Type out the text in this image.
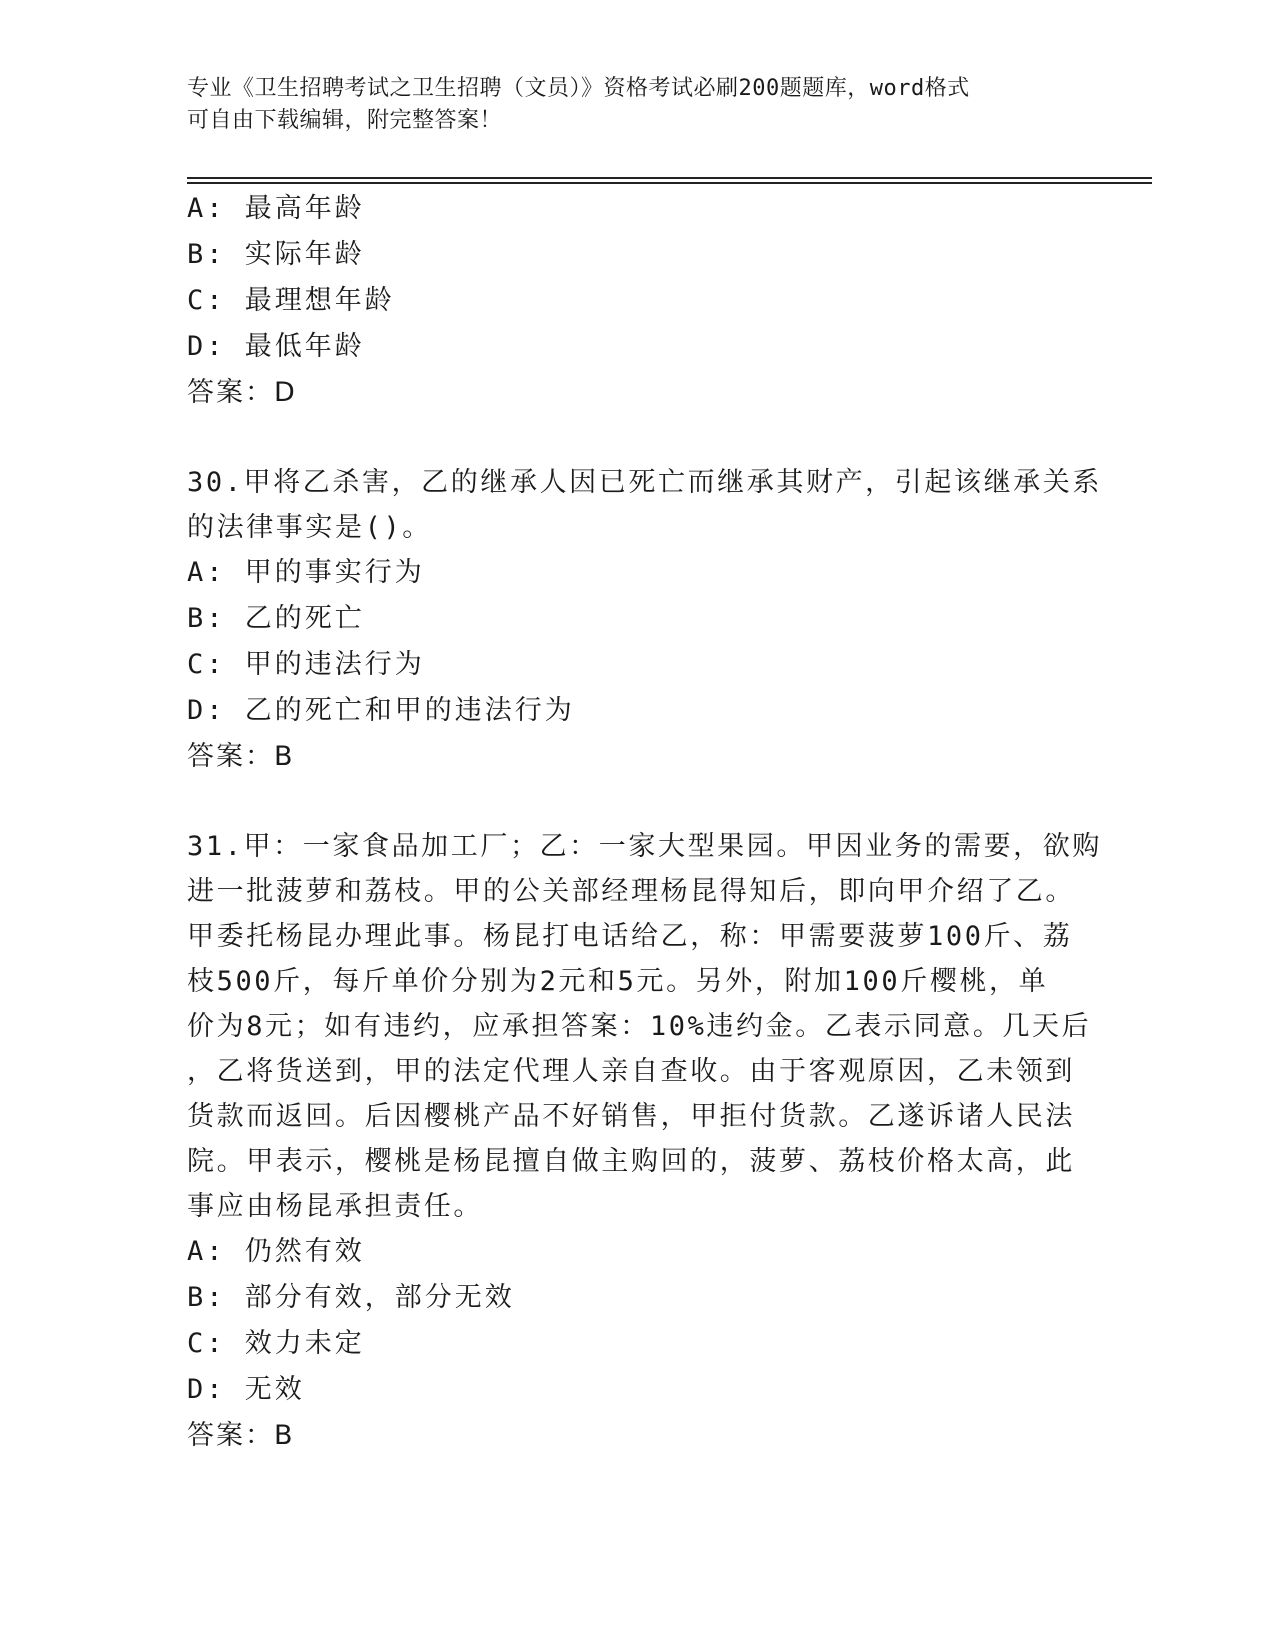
专业《卫生招聘考试之卫生招聘（文员）》资格考试必刷200题题库，word格式
可自由下载编辑，附完整答案！
A: 最高年龄
B: 实际年龄
C: 最理想年龄
D: 最低年龄
答案：D
30.甲将乙杀害，乙的继承人因已死亡而继承其财产，引起该继承关系
的法律事实是()。
A: 甲的事实行为
B: 乙的死亡
C: 甲的违法行为
D: 乙的死亡和甲的违法行为
答案：B
31.甲：一家食品加工厂；乙：一家大型果园。甲因业务的需要，欲购
进一批菠萝和荔枝。甲的公关部经理杨昆得知后，即向甲介绍了乙。
甲委托杨昆办理此事。杨昆打电话给乙，称：甲需要菠萝100斤、荔
枝500斤，每斤单价分别为2元和5元。另外，附加100斤樱桃，单
价为8元；如有违约，应承担答案：10%违约金。乙表示同意。几天后
，乙将货送到，甲的法定代理人亲自查收。由于客观原因，乙未领到
货款而返回。后因樱桃产品不好销售，甲拒付货款。乙遂诉诸人民法
院。甲表示，樱桃是杨昆擅自做主购回的，菠萝、荔枝价格太高，此
事应由杨昆承担责任。
A: 仍然有效
B: 部分有效，部分无效
C: 效力未定
D: 无效
答案：B
